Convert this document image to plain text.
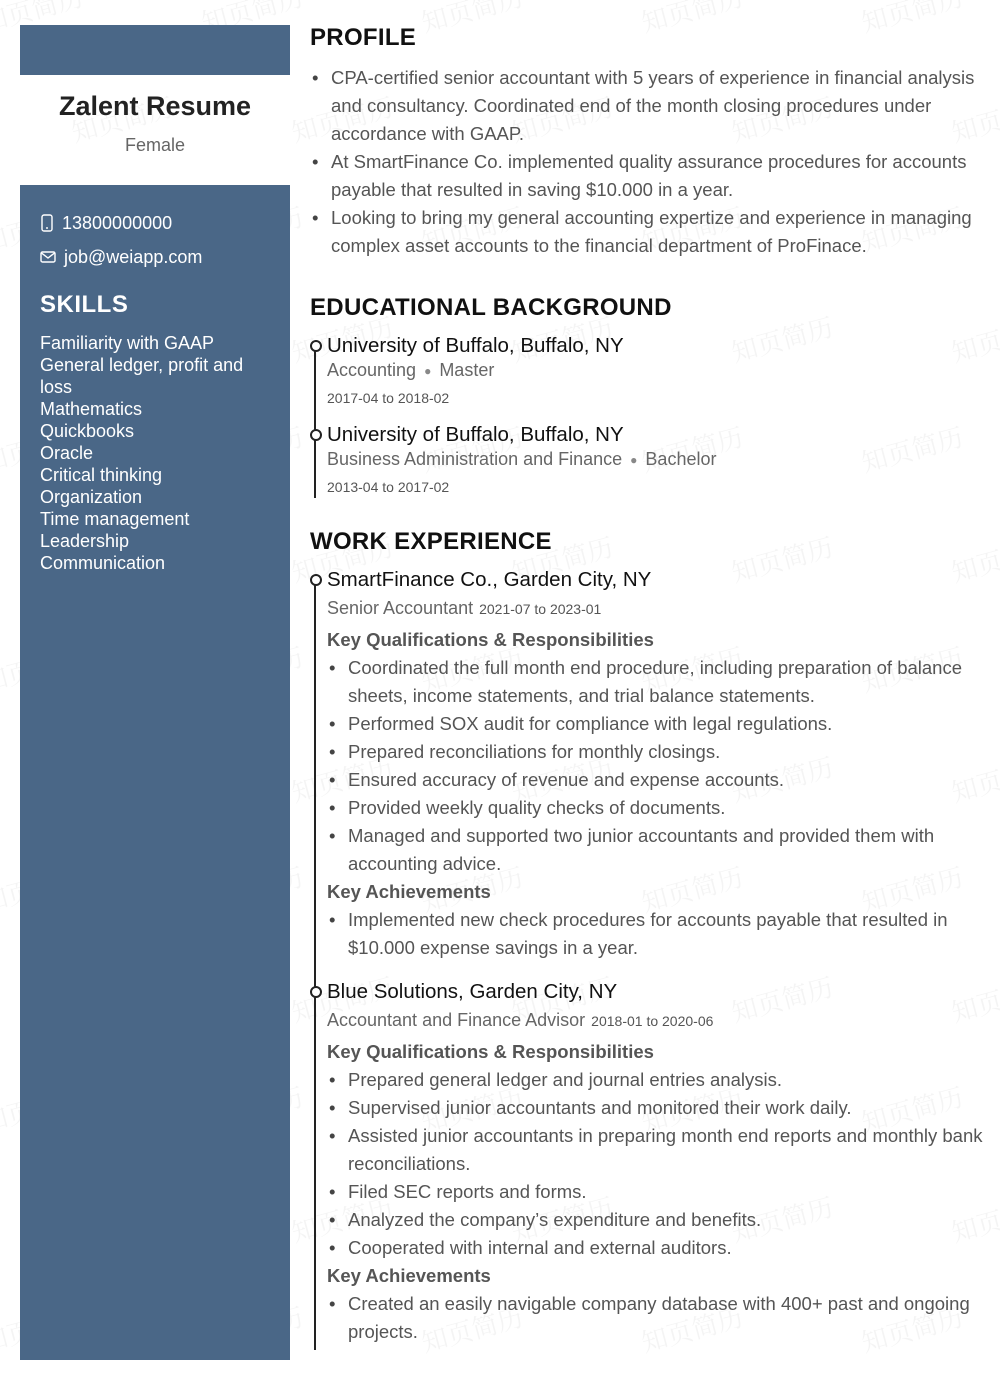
Zalent Resume
Female
13800000000
job@weiapp.com
SKILLS
Familiarity with GAAP
General ledger, profit and loss
Mathematics
Quickbooks
Oracle
Critical thinking
Organization
Time management
Leadership
Communication
PROFILE
• CPA-certified senior accountant with 5 years of experience in financial analysis and consultancy. Coordinated end of the month closing procedures under accordance with GAAP.
• At SmartFinance Co. implemented quality assurance procedures for accounts payable that resulted in saving $10.000 in a year.
• Looking to bring my general accounting expertize and experience in managing complex asset accounts to the financial department of ProFinace.
EDUCATIONAL BACKGROUND
University of Buffalo, Buffalo, NY
Accounting ● Master
2017-04 to 2018-02
University of Buffalo, Buffalo, NY
Business Administration and Finance ● Bachelor
2013-04 to 2017-02
WORK EXPERIENCE
SmartFinance Co., Garden City, NY
Senior Accountant 2021-07 to 2023-01
Key Qualifications & Responsibilities
• Coordinated the full month end procedure, including preparation of balance sheets, income statements, and trial balance statements.
• Performed SOX audit for compliance with legal regulations.
• Prepared reconciliations for monthly closings.
• Ensured accuracy of revenue and expense accounts.
• Provided weekly quality checks of documents.
• Managed and supported two junior accountants and provided them with accounting advice.
Key Achievements
• Implemented new check procedures for accounts payable that resulted in $10.000 expense savings in a year.
Blue Solutions, Garden City, NY
Accountant and Finance Advisor 2018-01 to 2020-06
Key Qualifications & Responsibilities
• Prepared general ledger and journal entries analysis.
• Supervised junior accountants and monitored their work daily.
• Assisted junior accountants in preparing month end reports and monthly bank reconciliations.
• Filed SEC reports and forms.
• Analyzed the company’s expenditure and benefits.
• Cooperated with internal and external auditors.
Key Achievements
• Created an easily navigable company database with 400+ past and ongoing projects.
